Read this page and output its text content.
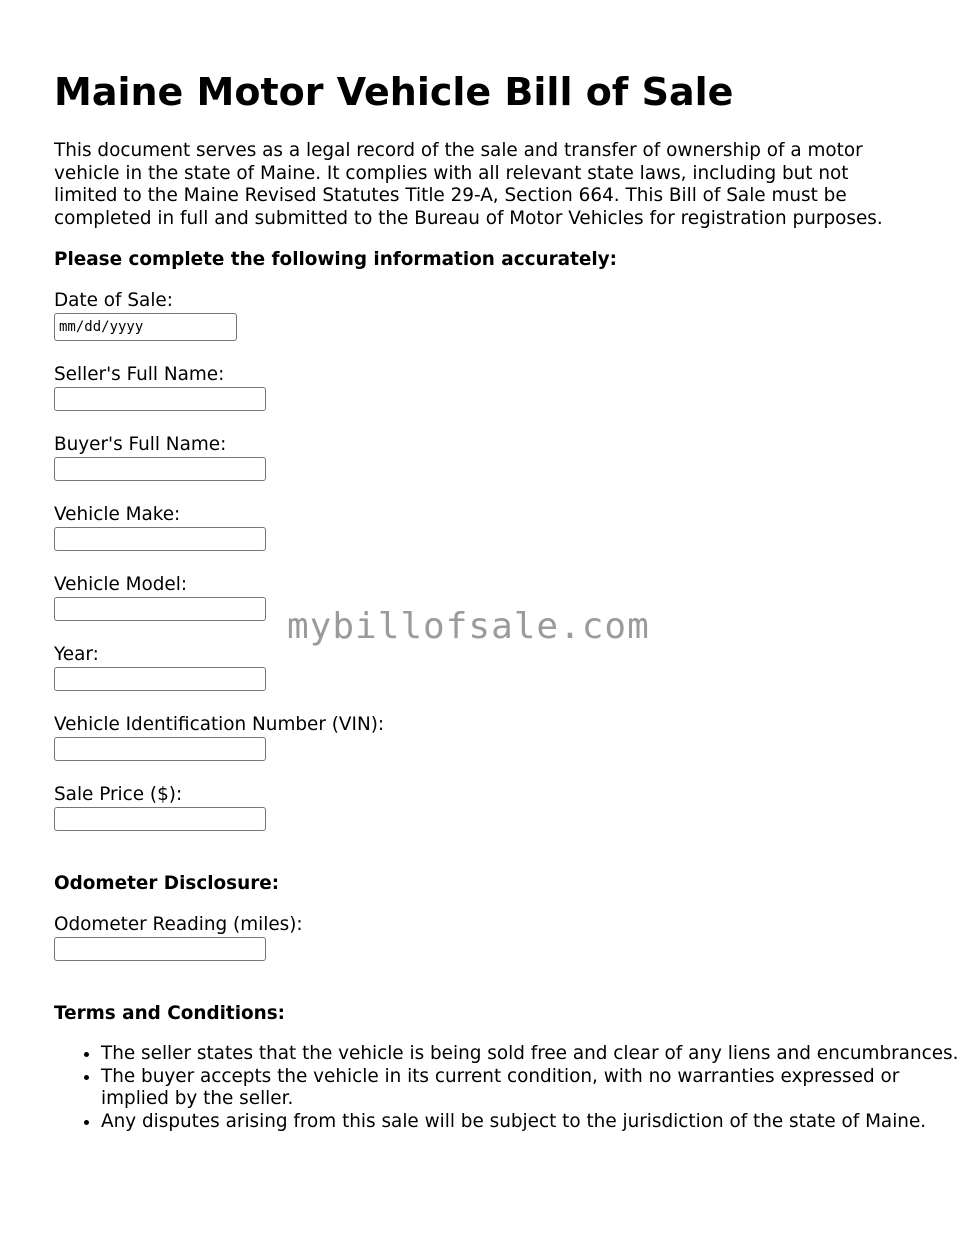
Maine Motor Vehicle Bill of Sale

This document serves as a legal record of the sale and transfer of ownership of a motor vehicle in the state of Maine. It complies with all relevant state laws, including but not limited to the Maine Revised Statutes Title 29-A, Section 664. This Bill of Sale must be completed in full and submitted to the Bureau of Motor Vehicles for registration purposes.

Please complete the following information accurately:
Date of Sale:
mm/dd/yyyy
Seller's Full Name:
Buyer's Full Name:
Vehicle Make:
Vehicle Model:
Year:
Vehicle Identification Number (VIN):
Sale Price ($):
Odometer Disclosure:
Odometer Reading (miles):
Terms and Conditions:
• The seller states that the vehicle is being sold free and clear of any liens and encumbrances.
• The buyer accepts the vehicle in its current condition, with no warranties expressed or implied by the seller.
• Any disputes arising from this sale will be subject to the jurisdiction of the state of Maine.
mybillofsale.com
